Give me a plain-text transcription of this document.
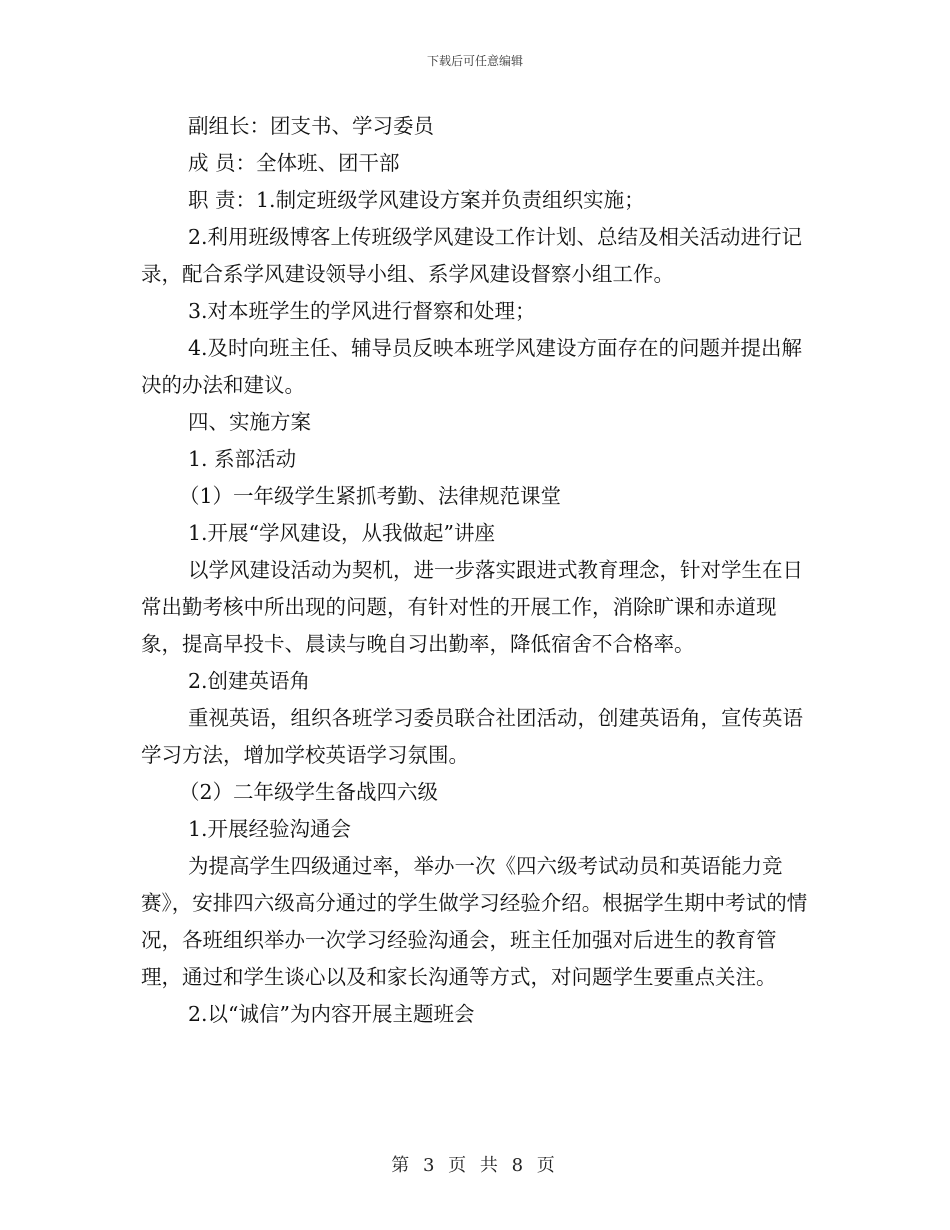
下载后可任意编辑

副组长：团支书、学习委员

成 员：全体班、团干部

职 责：1.制定班级学风建设方案并负责组织实施；

2.利用班级博客上传班级学风建设工作计划、总结及相关活动进行记录，配合系学风建设领导小组、系学风建设督察小组工作。

3.对本班学生的学风进行督察和处理；

4.及时向班主任、辅导员反映本班学风建设方面存在的问题并提出解决的办法和建议。

四、实施方案

1. 系部活动

（1）一年级学生紧抓考勤、法律规范课堂

1.开展“学风建设，从我做起”讲座

以学风建设活动为契机，进一步落实跟进式教育理念，针对学生在日常出勤考核中所出现的问题，有针对性的开展工作，消除旷课和赤道现象，提高早投卡、晨读与晚自习出勤率，降低宿舍不合格率。

2.创建英语角

重视英语，组织各班学习委员联合社团活动，创建英语角，宣传英语学习方法，增加学校英语学习氛围。

（2）二年级学生备战四六级

1.开展经验沟通会

为提高学生四级通过率，举办一次《四六级考试动员和英语能力竞赛》，安排四六级高分通过的学生做学习经验介绍。根据学生期中考试的情况，各班组织举办一次学习经验沟通会，班主任加强对后进生的教育管理，通过和学生谈心以及和家长沟通等方式，对问题学生要重点关注。

2.以“诚信”为内容开展主题班会

第 3 页 共 8 页
